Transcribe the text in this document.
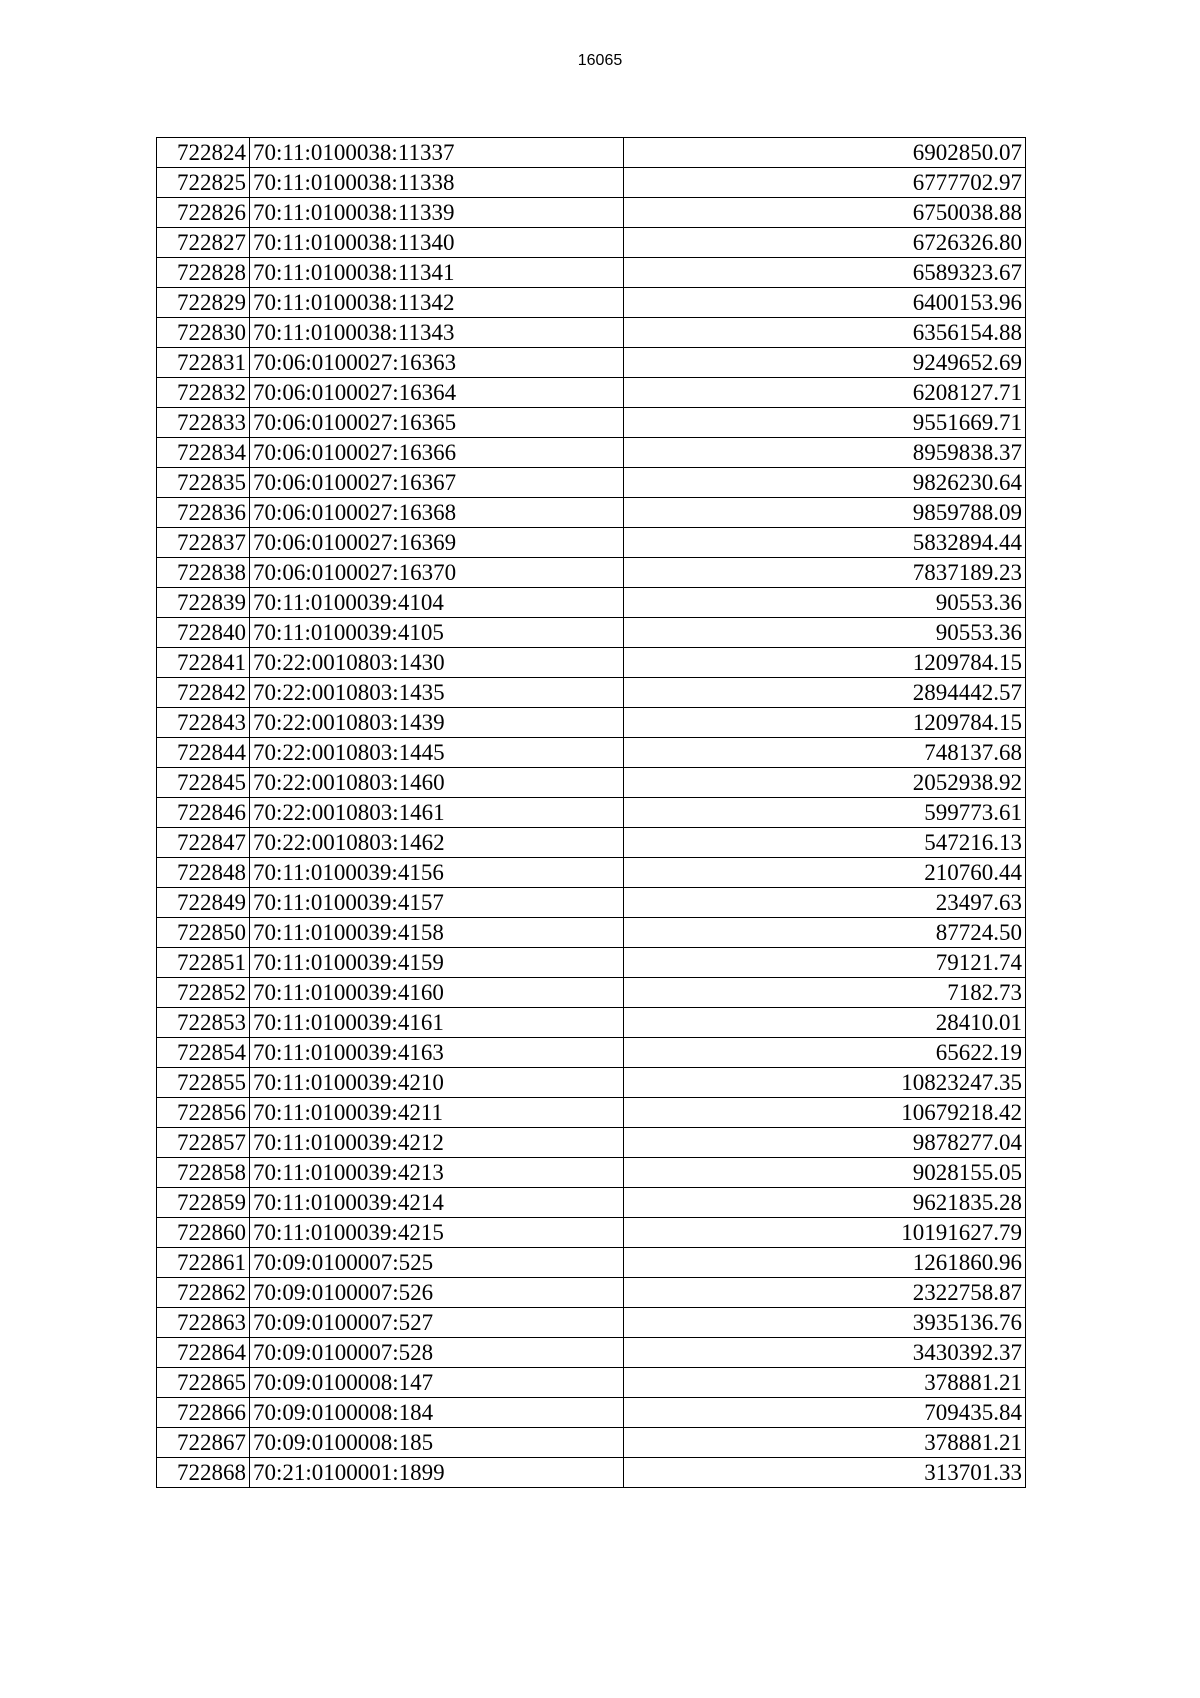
16065
722824	70:11:0100038:11337	6902850.07
722825	70:11:0100038:11338	6777702.97
722826	70:11:0100038:11339	6750038.88
722827	70:11:0100038:11340	6726326.80
722828	70:11:0100038:11341	6589323.67
722829	70:11:0100038:11342	6400153.96
722830	70:11:0100038:11343	6356154.88
722831	70:06:0100027:16363	9249652.69
722832	70:06:0100027:16364	6208127.71
722833	70:06:0100027:16365	9551669.71
722834	70:06:0100027:16366	8959838.37
722835	70:06:0100027:16367	9826230.64
722836	70:06:0100027:16368	9859788.09
722837	70:06:0100027:16369	5832894.44
722838	70:06:0100027:16370	7837189.23
722839	70:11:0100039:4104	90553.36
722840	70:11:0100039:4105	90553.36
722841	70:22:0010803:1430	1209784.15
722842	70:22:0010803:1435	2894442.57
722843	70:22:0010803:1439	1209784.15
722844	70:22:0010803:1445	748137.68
722845	70:22:0010803:1460	2052938.92
722846	70:22:0010803:1461	599773.61
722847	70:22:0010803:1462	547216.13
722848	70:11:0100039:4156	210760.44
722849	70:11:0100039:4157	23497.63
722850	70:11:0100039:4158	87724.50
722851	70:11:0100039:4159	79121.74
722852	70:11:0100039:4160	7182.73
722853	70:11:0100039:4161	28410.01
722854	70:11:0100039:4163	65622.19
722855	70:11:0100039:4210	10823247.35
722856	70:11:0100039:4211	10679218.42
722857	70:11:0100039:4212	9878277.04
722858	70:11:0100039:4213	9028155.05
722859	70:11:0100039:4214	9621835.28
722860	70:11:0100039:4215	10191627.79
722861	70:09:0100007:525	1261860.96
722862	70:09:0100007:526	2322758.87
722863	70:09:0100007:527	3935136.76
722864	70:09:0100007:528	3430392.37
722865	70:09:0100008:147	378881.21
722866	70:09:0100008:184	709435.84
722867	70:09:0100008:185	378881.21
722868	70:21:0100001:1899	313701.33
